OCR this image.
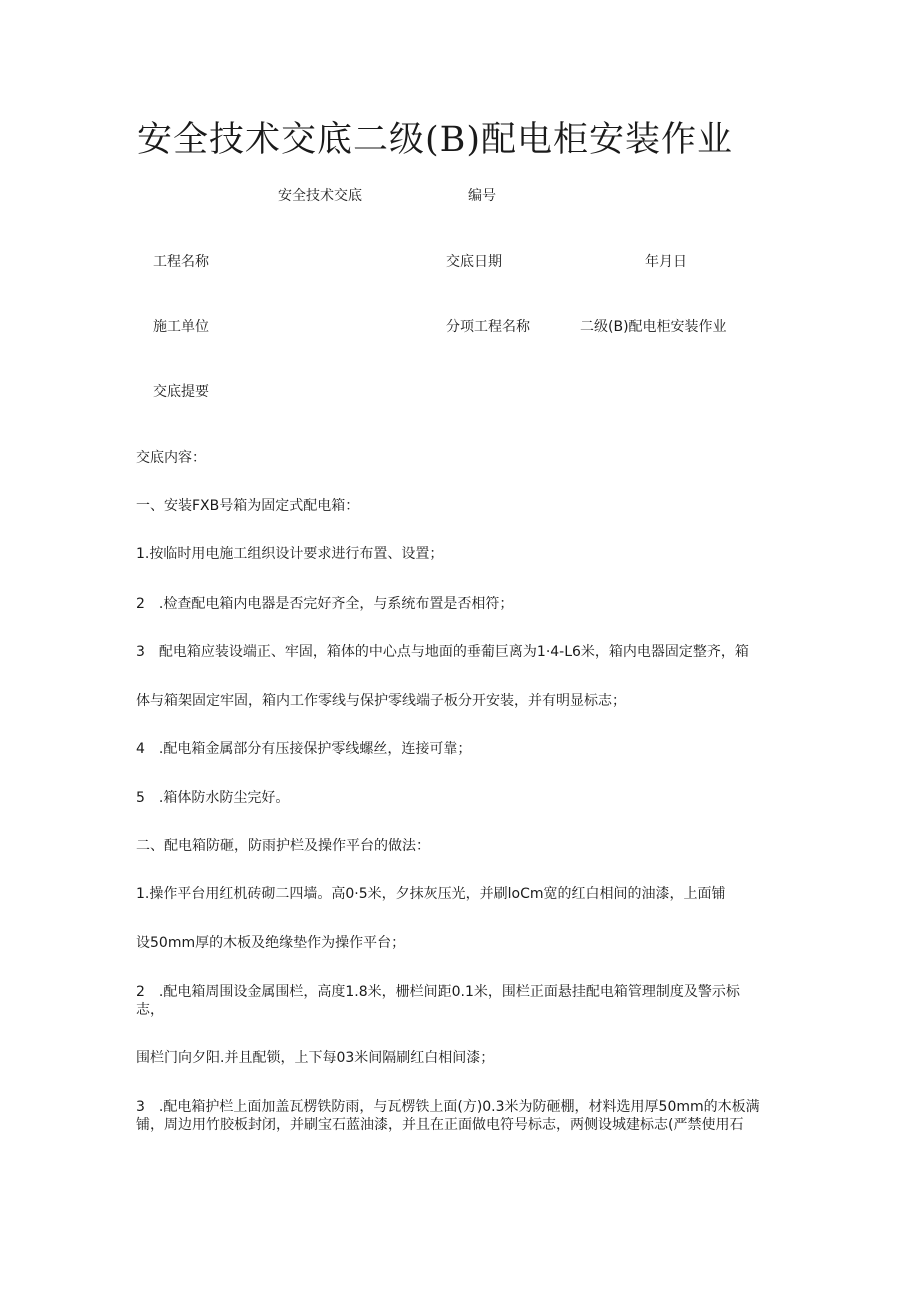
安全技术交底二级(B)配电柜安装作业
安全技术交底	编号
工程名称	交底日期	年月日
施工单位	分项工程名称	二级(B)配电柜安装作业
交底提要
交底内容：
一、安装FXB号箱为固定式配电箱：
1.按临时用电施工组织设计要求进行布置、设置；
2　.检查配电箱内电器是否完好齐全，与系统布置是否相符；
3　配电箱应装设端正、牢固，箱体的中心点与地面的垂葡巨离为1·4-L6米，箱内电器固定整齐，箱
体与箱架固定牢固，箱内工作零线与保护零线端子板分开安装，并有明显标志；
4　.配电箱金属部分有压接保护零线螺丝，连接可靠；
5　.箱体防水防尘完好。
二、配电箱防砸，防雨护栏及操作平台的做法：
1.操作平台用红机砖砌二四墙。高0·5米，夕抹灰压光，并刷loCm宽的红白相间的油漆，上面铺
设50mm厚的木板及绝缘垫作为操作平台；
2　.配电箱周围设金属围栏，高度1.8米，栅栏间距0.1米，围栏正面悬挂配电箱管理制度及警示标
志，
围栏门向夕阳.并且配锁，上下每03米间隔刷红白相间漆；
3　.配电箱护栏上面加盖瓦楞铁防雨，与瓦楞铁上面(方)0.3米为防砸棚，材料选用厚50mm的木板满
铺，周边用竹胶板封闭，并刷宝石蓝油漆，并且在正面做电符号标志，两侧设城建标志(严禁使用石
